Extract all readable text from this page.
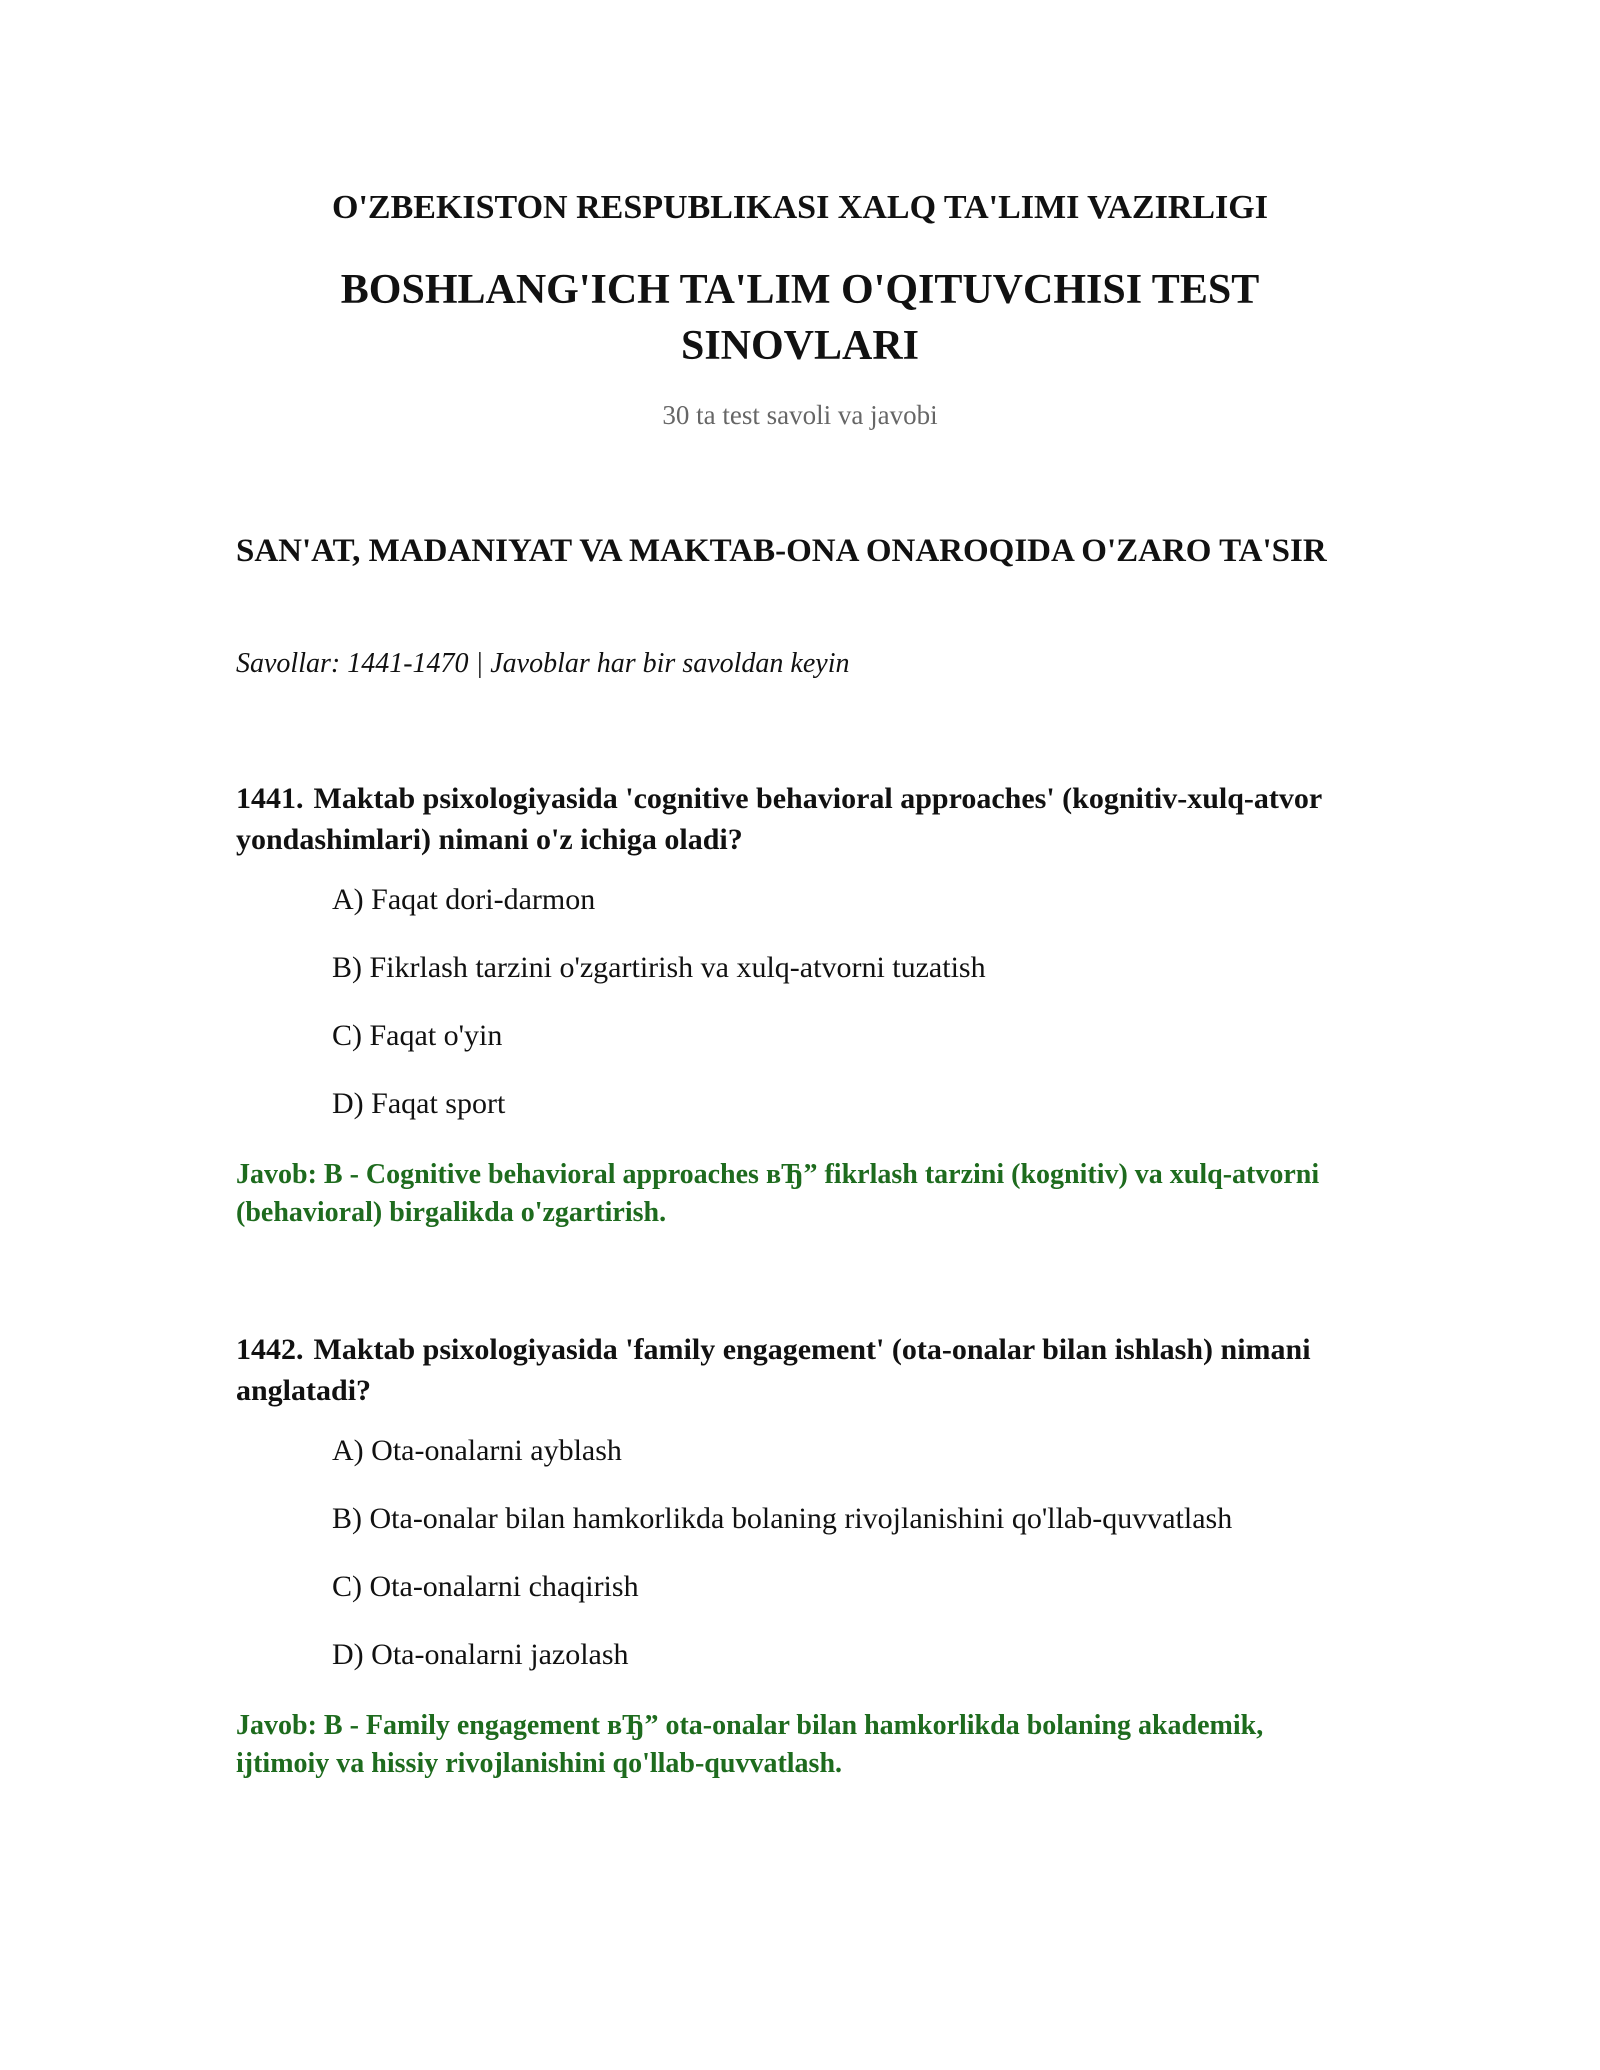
O'ZBEKISTON RESPUBLIKASI XALQ TA'LIMI VAZIRLIGI
BOSHLANG'ICH TA'LIM O'QITUVCHISI TEST SINOVLARI
30 ta test savoli va javobi
SAN'AT, MADANIYAT VA MAKTAB-ONA ONAROQIDA O'ZARO TA'SIR
Savollar: 1441-1470 | Javoblar har bir savoldan keyin

1441. Maktab psixologiyasida 'cognitive behavioral approaches' (kognitiv-xulq-atvor yondashimlari) nimani o'z ichiga oladi?

A) Faqat dori-darmon
B) Fikrlash tarzini o'zgartirish va xulq-atvorni tuzatish
C) Faqat o'yin
D) Faqat sport

Javob: B - Cognitive behavioral approaches вЂ” fikrlash tarzini (kognitiv) va xulq-atvorni (behavioral) birgalikda o'zgartirish.

1442. Maktab psixologiyasida 'family engagement' (ota-onalar bilan ishlash) nimani anglatadi?

A) Ota-onalarni ayblash
B) Ota-onalar bilan hamkorlikda bolaning rivojlanishini qo'llab-quvvatlash
C) Ota-onalarni chaqirish
D) Ota-onalarni jazolash

Javob: B - Family engagement вЂ” ota-onalar bilan hamkorlikda bolaning akademik, ijtimoiy va hissiy rivojlanishini qo'llab-quvvatlash.
